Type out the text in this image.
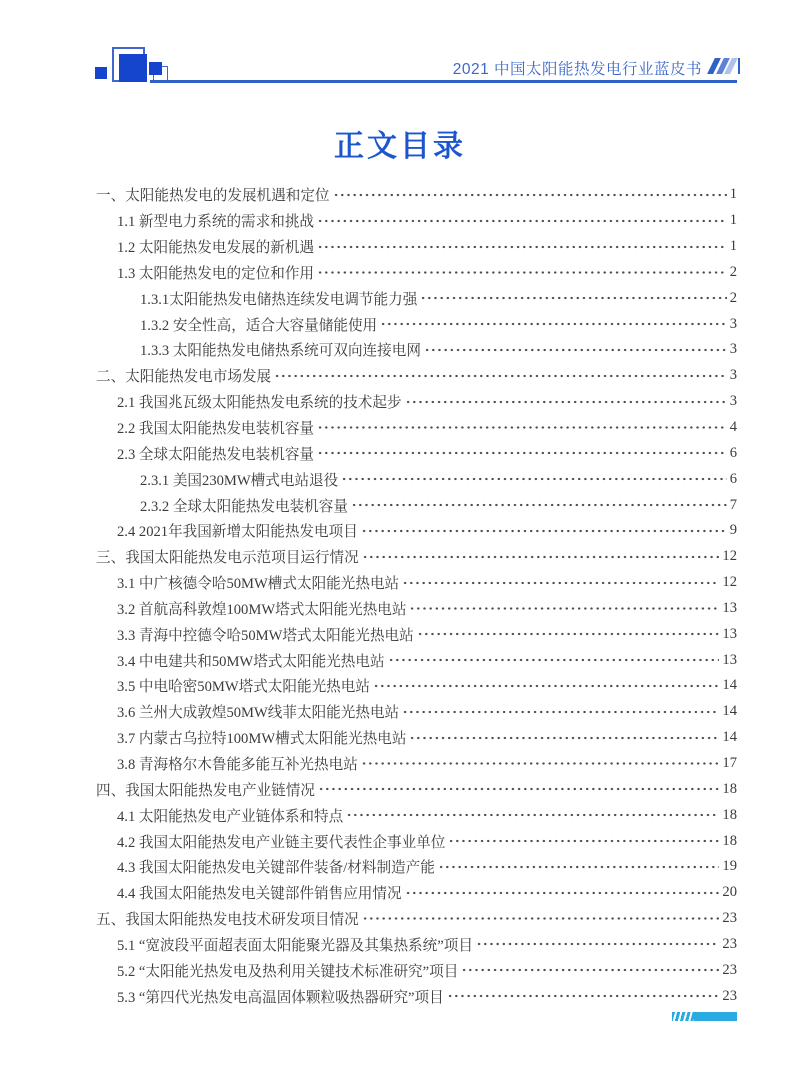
2021 中国太阳能热发电行业蓝皮书
正文目录
一、太阳能热发电的发展机遇和定位	1
1.1 新型电力系统的需求和挑战	1
1.2 太阳能热发电发展的新机遇	1
1.3 太阳能热发电的定位和作用	2
1.3.1太阳能热发电储热连续发电调节能力强	2
1.3.2 安全性高，适合大容量储能使用	3
1.3.3 太阳能热发电储热系统可双向连接电网	3
二、太阳能热发电市场发展	3
2.1 我国兆瓦级太阳能热发电系统的技术起步	3
2.2 我国太阳能热发电装机容量	4
2.3 全球太阳能热发电装机容量	6
2.3.1 美国230MW槽式电站退役	6
2.3.2 全球太阳能热发电装机容量	7
2.4 2021年我国新增太阳能热发电项目	9
三、我国太阳能热发电示范项目运行情况	12
3.1 中广核德令哈50MW槽式太阳能光热电站	12
3.2 首航高科敦煌100MW塔式太阳能光热电站	13
3.3 青海中控德令哈50MW塔式太阳能光热电站	13
3.4 中电建共和50MW塔式太阳能光热电站	13
3.5 中电哈密50MW塔式太阳能光热电站	14
3.6 兰州大成敦煌50MW线菲太阳能光热电站	14
3.7 内蒙古乌拉特100MW槽式太阳能光热电站	14
3.8 青海格尔木鲁能多能互补光热电站	17
四、我国太阳能热发电产业链情况	18
4.1 太阳能热发电产业链体系和特点	18
4.2 我国太阳能热发电产业链主要代表性企事业单位	18
4.3 我国太阳能热发电关键部件装备/材料制造产能	19
4.4 我国太阳能热发电关键部件销售应用情况	20
五、我国太阳能热发电技术研发项目情况	23
5.1 “宽波段平面超表面太阳能聚光器及其集热系统”项目	23
5.2 “太阳能光热发电及热利用关键技术标准研究”项目	23
5.3 “第四代光热发电高温固体颗粒吸热器研究”项目	23
